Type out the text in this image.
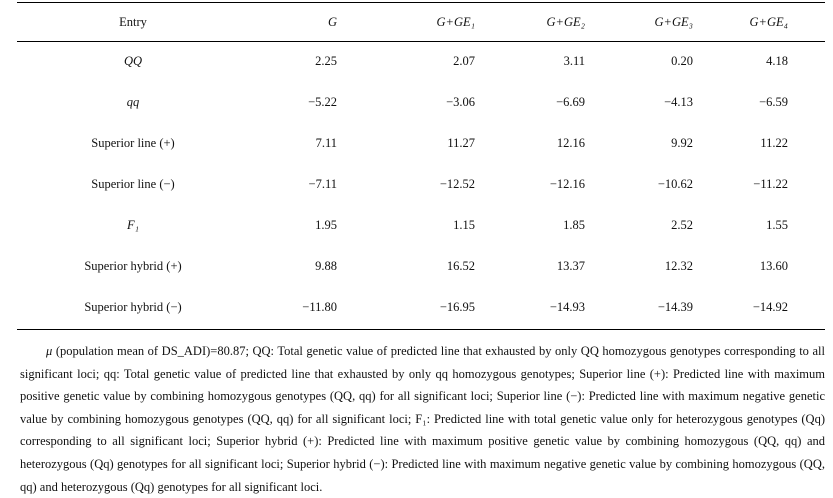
Entry	G	G+GE₁	G+GE₂	G+GE₃	G+GE₄
QQ	2.25	2.07	3.11	0.20	4.18
qq	−5.22	−3.06	−6.69	−4.13	−6.59
Superior line (+)	7.11	11.27	12.16	9.92	11.22
Superior line (−)	−7.11	−12.52	−12.16	−10.62	−11.22
F₁	1.95	1.15	1.85	2.52	1.55
Superior hybrid (+)	9.88	16.52	13.37	12.32	13.60
Superior hybrid (−)	−11.80	−16.95	−14.93	−14.39	−14.92

μ (population mean of DS_ADI)=80.87; QQ: Total genetic value of predicted line that exhausted by only QQ homozygous genotypes corresponding to all significant loci; qq: Total genetic value of predicted line that exhausted by only qq homozygous genotypes; Superior line (+): Predicted line with maximum positive genetic value by combining homozygous genotypes (QQ, qq) for all significant loci; Superior line (−): Predicted line with maximum negative genetic value by combining homozygous genotypes (QQ, qq) for all significant loci; F₁: Predicted line with total genetic value only for heterozygous genotypes (Qq) corresponding to all significant loci; Superior hybrid (+): Predicted line with maximum positive genetic value by combining homozygous (QQ, qq) and heterozygous (Qq) genotypes for all significant loci; Superior hybrid (−): Predicted line with maximum negative genetic value by combining homozygous (QQ, qq) and heterozygous (Qq) genotypes for all significant loci.
